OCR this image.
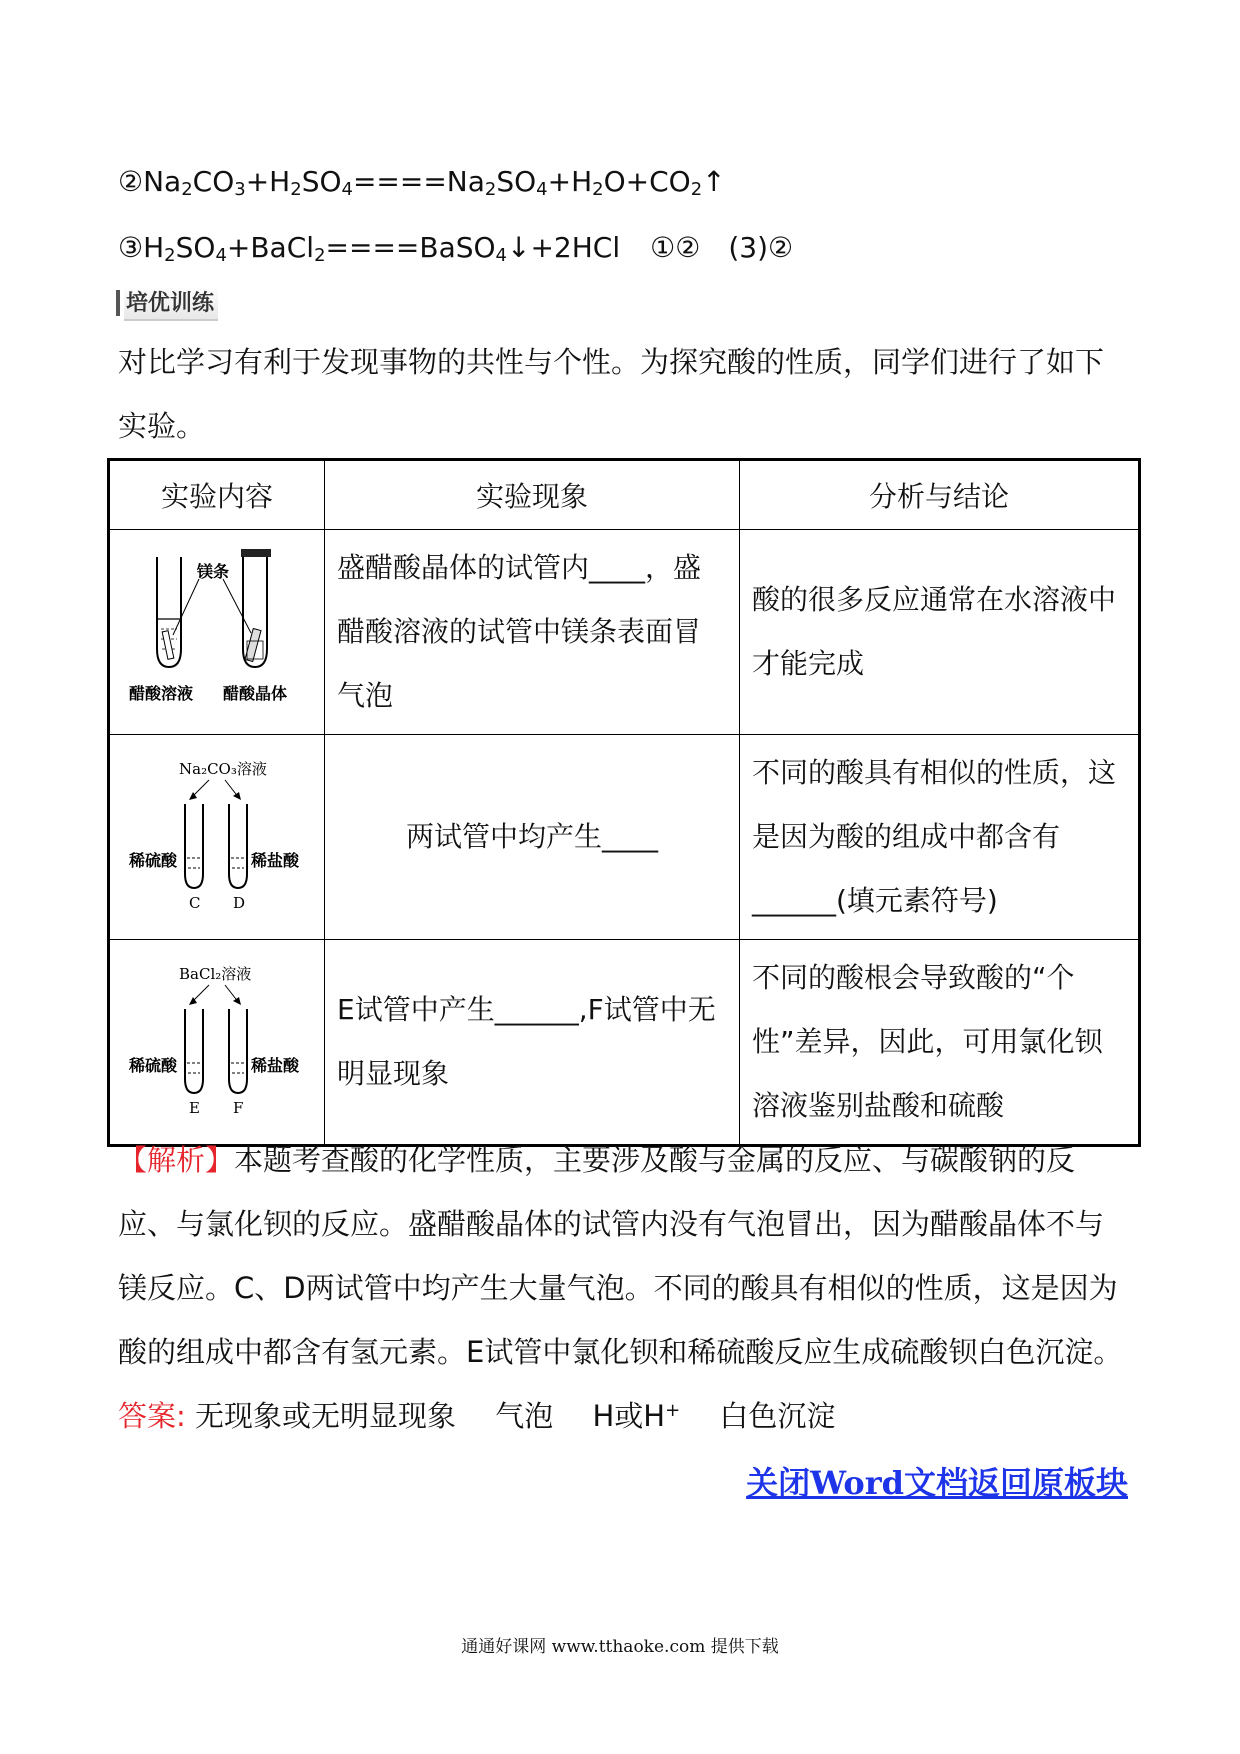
$②Na_2CO_3+H_2SO_4====Na_2SO_4+H_2O+CO_2↑$
$③H_2SO_4+BaCl_2====BaSO_4↓+2HCl$ ①②　(3)②
培优训练
对比学习有利于发现事物的共性与个性。为探究酸的性质，同学们进行了如下实验。
实验内容	实验现象	分析与结论

镁条
醋酸溶液 醋酸晶体	盛醋酸晶体的试管内____，盛醋酸溶液的试管中镁条表面冒气泡	酸的很多反应通常在水溶液中才能完成

Na₂CO₃溶液
稀硫酸 稀盐酸
C D	两试管中均产生____	不同的酸具有相似的性质，这是因为酸的组成中都含有______(填元素符号)

BaCl₂溶液
稀硫酸 稀盐酸
E F	E试管中产生______,F试管中无明显现象	不同的酸根会导致酸的“个性”差异，因此，可用氯化钡溶液鉴别盐酸和硫酸
【解析】本题考查酸的化学性质，主要涉及酸与金属的反应、与碳酸钠的反应、与氯化钡的反应。盛醋酸晶体的试管内没有气泡冒出，因为醋酸晶体不与镁反应。C、D两试管中均产生大量气泡。不同的酸具有相似的性质，这是因为酸的组成中都含有氢元素。E试管中氯化钡和稀硫酸反应生成硫酸钡白色沉淀。
答案: 无现象或无明显现象 气泡 H或H+ 白色沉淀
关闭Word文档返回原板块
通通好课网 www.tthaoke.com 提供下载
